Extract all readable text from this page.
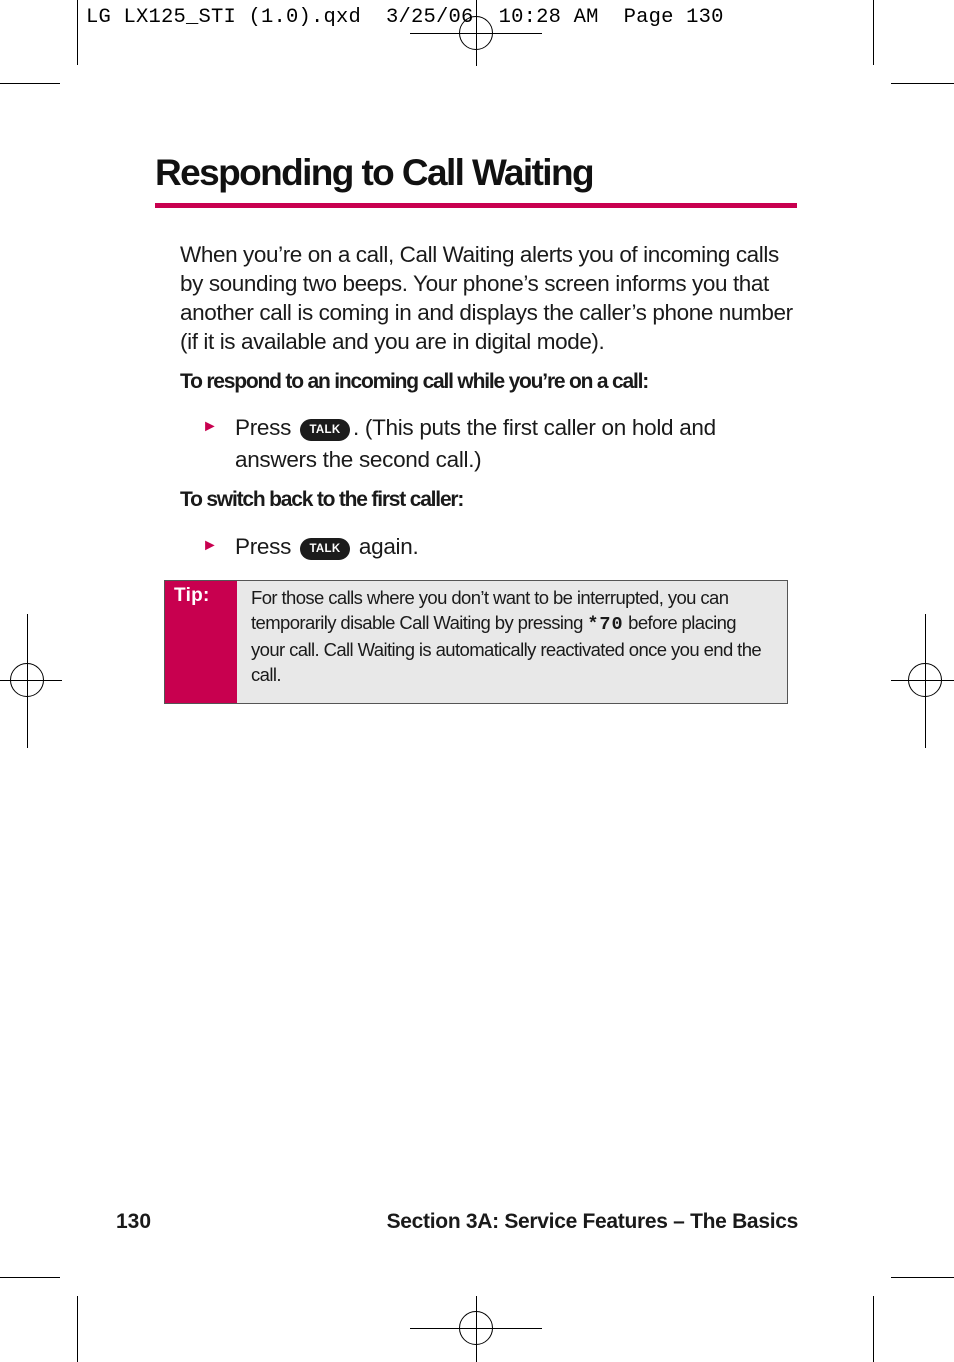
LG LX125_STI (1.0).qxd  3/25/06  10:28 AM  Page 130
Responding to Call Waiting
When you’re on a call, Call Waiting alerts you of incoming calls by sounding two beeps. Your phone’s screen informs you that another call is coming in and displays the caller’s phone number (if it is available and you are in digital mode).
To respond to an incoming call while you’re on a call:
► Press TALK . (This puts the first caller on hold and answers the second call.)
To switch back to the first caller:
► Press TALK again.
Tip: For those calls where you don’t want to be interrupted, you can temporarily disable Call Waiting by pressing *70 before placing your call. Call Waiting is automatically reactivated once you end the call.
130	Section 3A: Service Features – The Basics
